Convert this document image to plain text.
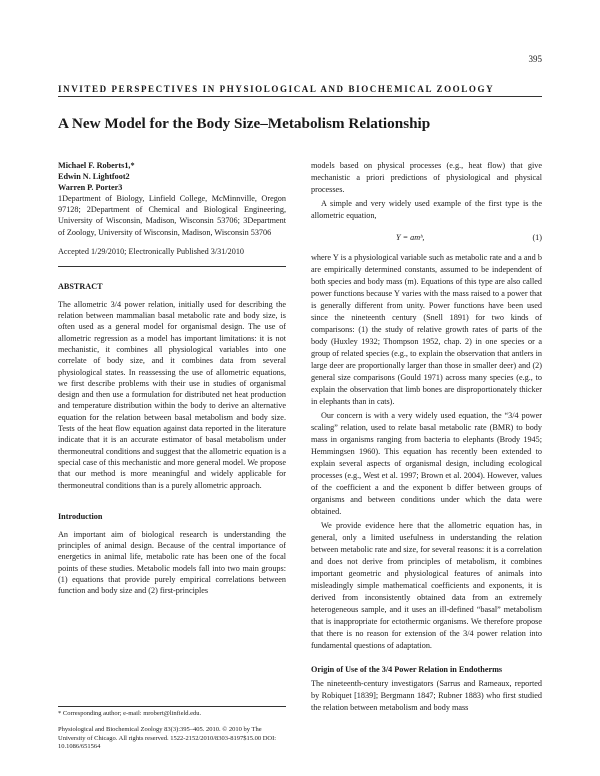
395
INVITED PERSPECTIVES IN PHYSIOLOGICAL AND BIOCHEMICAL ZOOLOGY
A New Model for the Body Size–Metabolism Relationship
Michael F. Roberts1,*
Edwin N. Lightfoot2
Warren P. Porter3

1Department of Biology, Linfield College, McMinnville, Oregon 97128; 2Department of Chemical and Biological Engineering, University of Wisconsin, Madison, Wisconsin 53706; 3Department of Zoology, University of Wisconsin, Madison, Wisconsin 53706

Accepted 1/29/2010; Electronically Published 3/31/2010

ABSTRACT

The allometric 3/4 power relation, initially used for describing the relation between mammalian basal metabolic rate and body size, is often used as a general model for organismal design. The use of allometric regression as a model has important limitations: it is not mechanistic, it combines all physiological variables into one correlate of body size, and it combines data from several physiological states. In reassessing the use of allometric equations, we first describe problems with their use in studies of organismal design and then use a formulation for distributed net heat production and temperature distribution within the body to derive an alternative equation for the relation between basal metabolism and body size. Tests of the heat flow equation against data reported in the literature indicate that it is an accurate estimator of basal metabolism under thermoneutral conditions and suggest that the allometric equation is a special case of this mechanistic and more general model. We propose that our method is more meaningful and widely applicable for thermoneutral conditions than is a purely allometric approach.

Introduction

An important aim of biological research is understanding the principles of animal design. Because of the central importance of energetics in animal life, metabolic rate has been one of the focal points of these studies. Metabolic models fall into two main groups: (1) equations that provide purely empirical correlations between function and body size and (2) first-principles

models based on physical processes (e.g., heat flow) that give mechanistic a priori predictions of physiological and physical processes.

A simple and very widely used example of the first type is the allometric equation,

Y = amᵇ,	(1)

where Y is a physiological variable such as metabolic rate and a and b are empirically determined constants, assumed to be independent of both species and body mass (m). Equations of this type are also called power functions because Y varies with the mass raised to a power that is generally different from unity. Power functions have been used since the nineteenth century (Snell 1891) for two kinds of comparisons: (1) the study of relative growth rates of parts of the body (Huxley 1932; Thompson 1952, chap. 2) in one species or a group of related species (e.g., to explain the observation that antlers in large deer are proportionally larger than those in smaller deer) and (2) general size comparisons (Gould 1971) across many species (e.g., to explain the observation that limb bones are disproportionately thicker in elephants than in cats).

Our concern is with a very widely used equation, the “3/4 power scaling” relation, used to relate basal metabolic rate (BMR) to body mass in organisms ranging from bacteria to elephants (Brody 1945; Hemmingsen 1960). This equation has recently been extended to explain several aspects of organismal design, including ecological processes (e.g., West et al. 1997; Brown et al. 2004). However, values of the coefficient a and the exponent b differ between groups of organisms and between conditions under which the data were obtained.

We provide evidence here that the allometric equation has, in general, only a limited usefulness in understanding the relation between metabolic rate and size, for several reasons: it is a correlation and does not derive from principles of metabolism, it combines important geometric and physiological features of animals into misleadingly simple mathematical coefficients and exponents, it is derived from inconsistently obtained data from an extremely heterogeneous sample, and it uses an ill-defined “basal” metabolism that is inappropriate for ectothermic organisms. We therefore propose that there is no reason for extension of the 3/4 power relation into fundamental questions of adaptation.

Origin of Use of the 3/4 Power Relation in Endotherms

The nineteenth-century investigators (Sarrus and Rameaux, reported by Robiquet [1839]; Bergmann 1847; Rubner 1883) who first studied the relation between metabolism and body mass

* Corresponding author; e-mail: mrobert@linfield.edu.
Physiological and Biochemical Zoology 83(3):395–405. 2010. © 2010 by The University of Chicago. All rights reserved. 1522-2152/2010/8303-8197$15.00 DOI: 10.1086/651564
